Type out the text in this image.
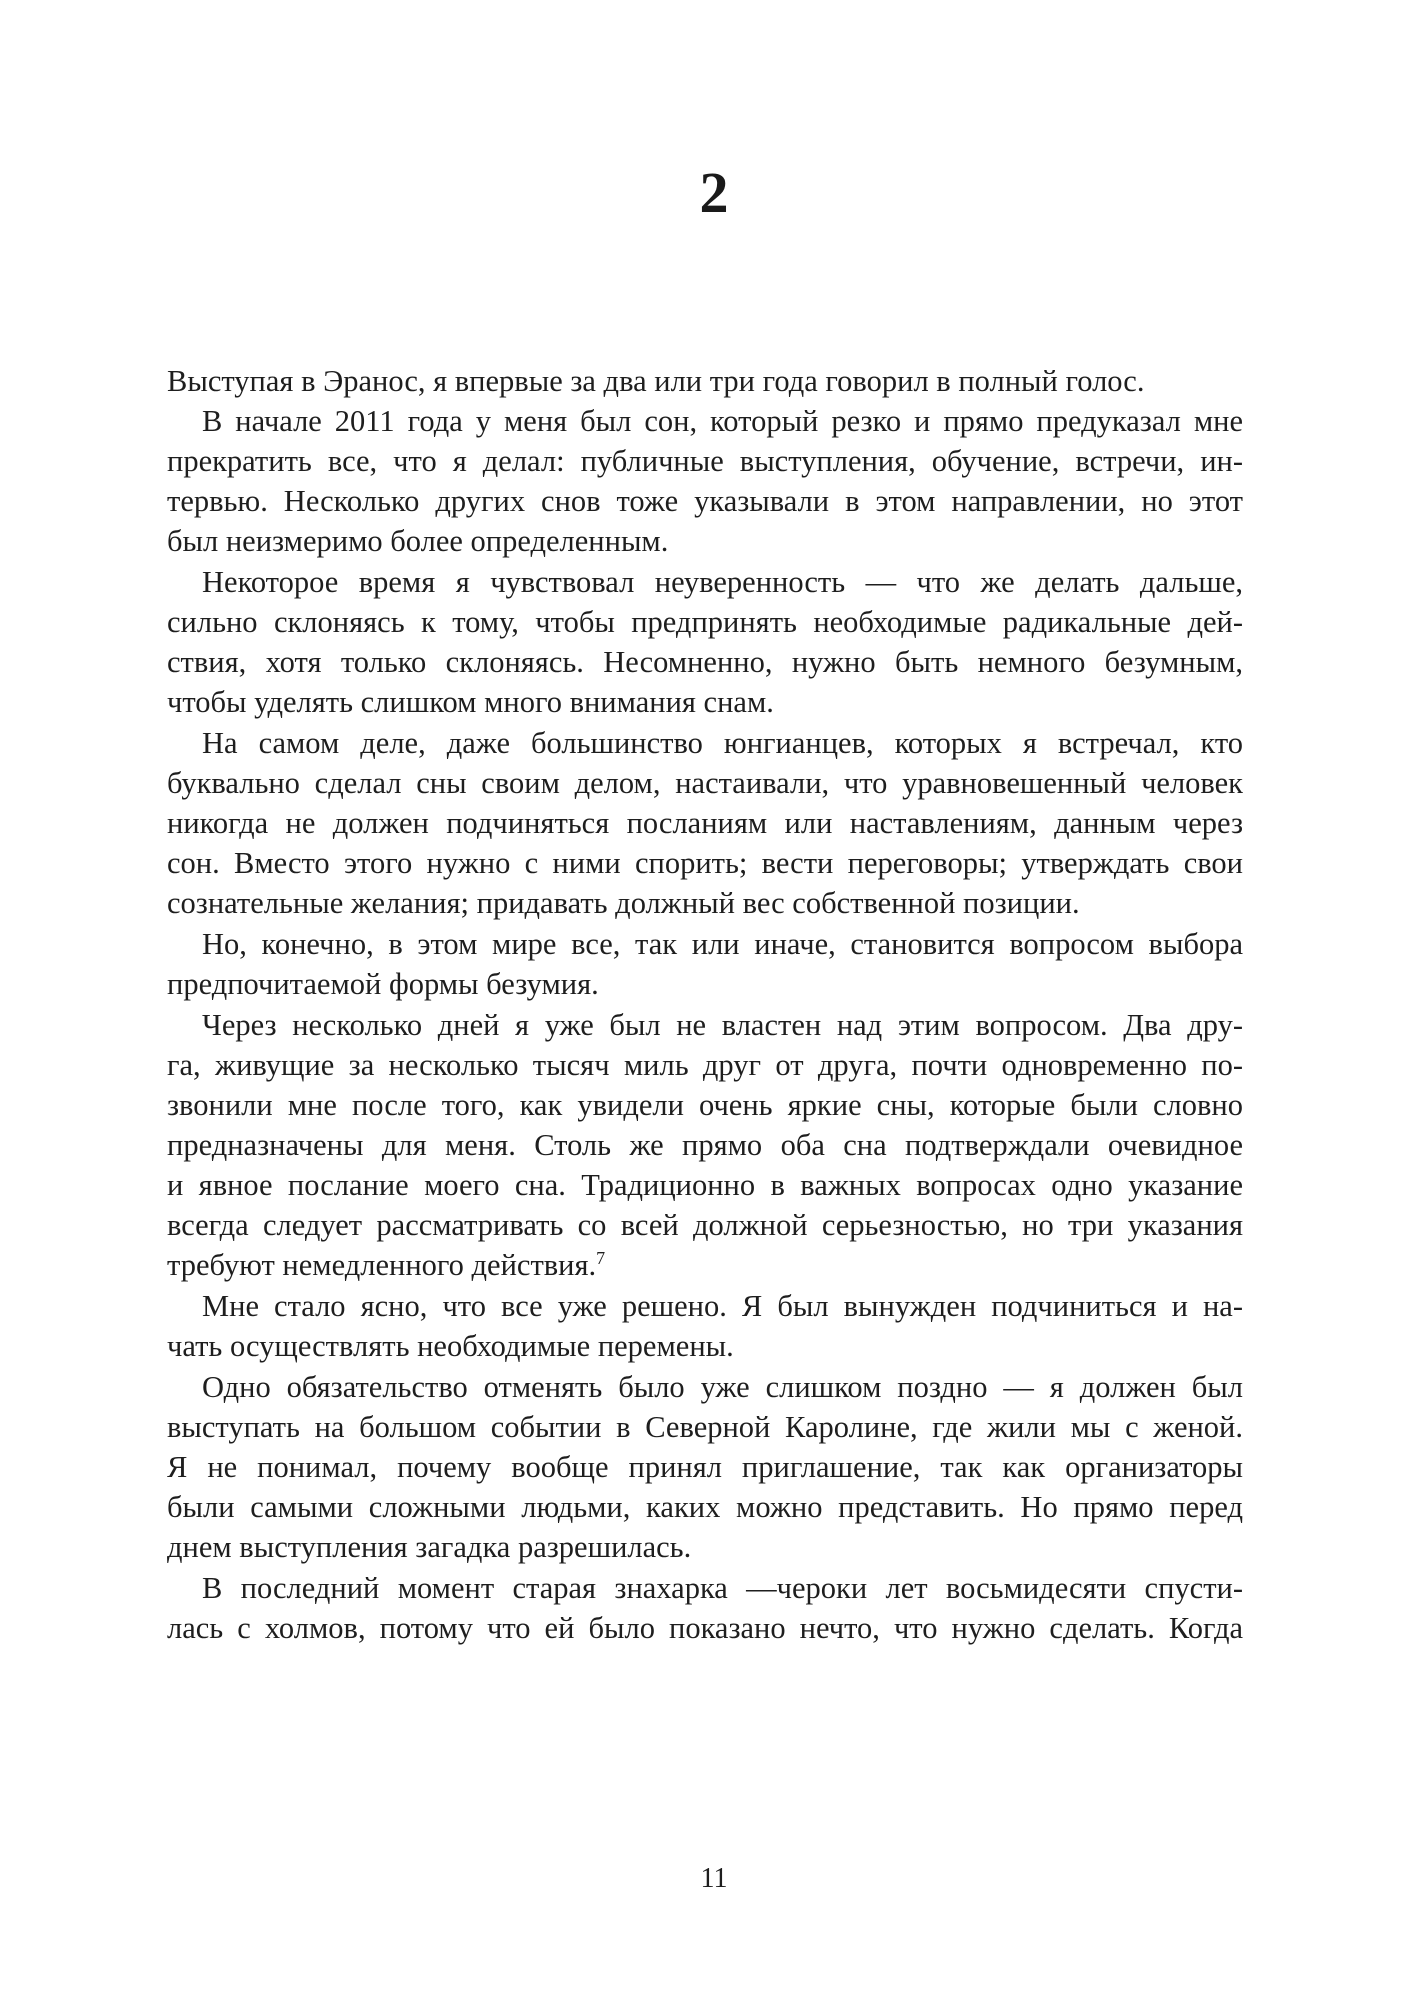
2
Выступая в Эранос, я впервые за два или три года говорил в полный голос.
В начале 2011 года у меня был сон, который резко и прямо предуказал мне
прекратить все, что я делал: публичные выступления, обучение, встречи, ин-
тервью. Несколько других снов тоже указывали в этом направлении, но этот
был неизмеримо более определенным.
Некоторое время я чувствовал неуверенность — что же делать дальше,
сильно склоняясь к тому, чтобы предпринять необходимые радикальные дей-
ствия, хотя только склоняясь. Несомненно, нужно быть немного безумным,
чтобы уделять слишком много внимания снам.
На самом деле, даже большинство юнгианцев, которых я встречал, кто
буквально сделал сны своим делом, настаивали, что уравновешенный человек
никогда не должен подчиняться посланиям или наставлениям, данным через
сон. Вместо этого нужно с ними спорить; вести переговоры; утверждать свои
сознательные желания; придавать должный вес собственной позиции.
Но, конечно, в этом мире все, так или иначе, становится вопросом выбора
предпочитаемой формы безумия.
Через несколько дней я уже был не властен над этим вопросом. Два дру-
га, живущие за несколько тысяч миль друг от друга, почти одновременно по-
звонили мне после того, как увидели очень яркие сны, которые были словно
предназначены для меня. Столь же прямо оба сна подтверждали очевидное
и явное послание моего сна. Традиционно в важных вопросах одно указание
всегда следует рассматривать со всей должной серьезностью, но три указания
требуют немедленного действия.$^7$
Мне стало ясно, что все уже решено. Я был вынужден подчиниться и на-
чать осуществлять необходимые перемены.
Одно обязательство отменять было уже слишком поздно — я должен был
выступать на большом событии в Северной Каролине, где жили мы с женой.
Я не понимал, почему вообще принял приглашение, так как организаторы
были самыми сложными людьми, каких можно представить. Но прямо перед
днем выступления загадка разрешилась.
В последний момент старая знахарка —чероки лет восьмидесяти спусти-
лась с холмов, потому что ей было показано нечто, что нужно сделать. Когда
11
